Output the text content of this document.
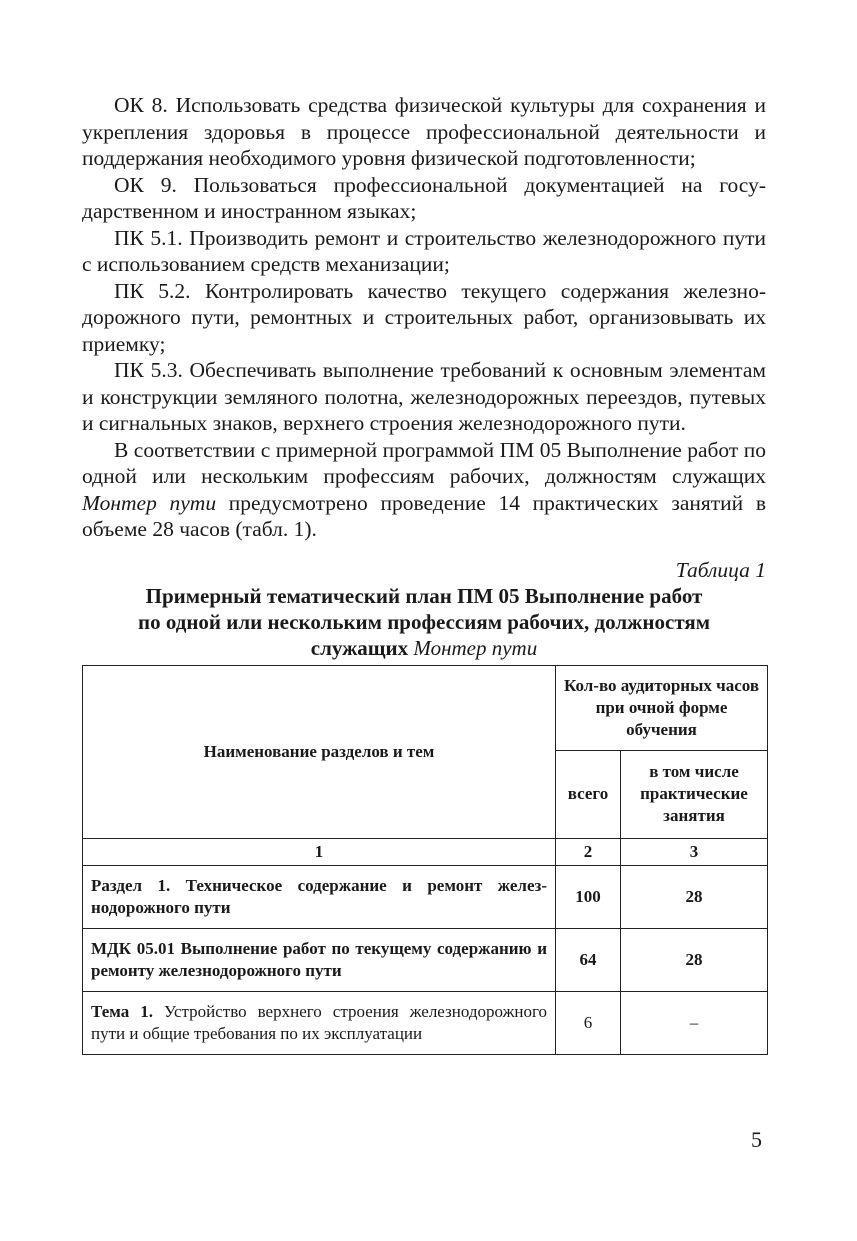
ОК 8. Использовать средства физической культуры для сохранения и укрепления здоровья в процессе профессиональной деятельности и поддержания необходимого уровня физической подготовленности;

ОК 9. Пользоваться профессиональной документацией на государственном и иностранном языках;

ПК 5.1. Производить ремонт и строительство железнодорожного пути с использованием средств механизации;

ПК 5.2. Контролировать качество текущего содержания железнодорожного пути, ремонтных и строительных работ, организовывать их приемку;

ПК 5.3. Обеспечивать выполнение требований к основным элементам и конструкции земляного полотна, железнодорожных переездов, путевых и сигнальных знаков, верхнего строения железнодорожного пути.

В соответствии с примерной программой ПМ 05 Выполнение работ по одной или нескольким профессиям рабочих, должностям служащих Монтер пути предусмотрено проведение 14 практических занятий в объеме 28 часов (табл. 1).

Таблица 1

Примерный тематический план ПМ 05 Выполнение работ
по одной или нескольким профессиям рабочих, должностям
служащих Монтер пути
Наименование разделов и тем	Кол-во аудиторных часов при очной форме обучения	
	всего	в том числе практические занятия
1	2	3
Раздел 1. Техническое содержание и ремонт железнодорожного пути	100	28
МДК 05.01 Выполнение работ по текущему содержанию и ремонту железнодорожного пути	64	28
Тема 1. Устройство верхнего строения железнодорожного пути и общие требования по их эксплуатации	6	–
5
